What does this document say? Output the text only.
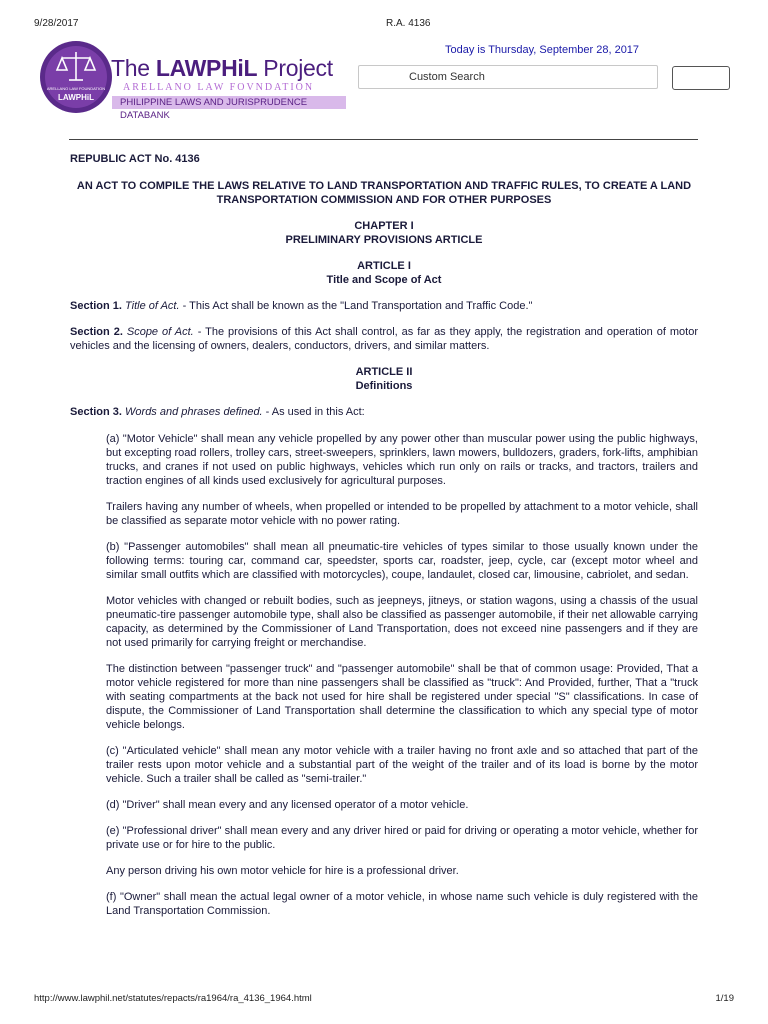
9/28/2017	R.A. 4136
ARELLANO LAW FOUNDATION
LAWPHiL
The LAWPHiL Project
ARELLANO LAW FOVNDATION
PHILIPPINE LAWS AND JURISPRUDENCE DATABANK
Today is Thursday, September 28, 2017
Custom Search
REPUBLIC ACT No. 4136
AN ACT TO COMPILE THE LAWS RELATIVE TO LAND TRANSPORTATION AND TRAFFIC RULES, TO CREATE A LAND TRANSPORTATION COMMISSION AND FOR OTHER PURPOSES
CHAPTER I
PRELIMINARY PROVISIONS ARTICLE
ARTICLE I
Title and Scope of Act

Section 1. Title of Act. - This Act shall be known as the "Land Transportation and Traffic Code."

Section 2. Scope of Act. - The provisions of this Act shall control, as far as they apply, the registration and operation of motor vehicles and the licensing of owners, dealers, conductors, drivers, and similar matters.

ARTICLE II
Definitions

Section 3. Words and phrases defined. - As used in this Act:

(a) "Motor Vehicle" shall mean any vehicle propelled by any power other than muscular power using the public highways, but excepting road rollers, trolley cars, street-sweepers, sprinklers, lawn mowers, bulldozers, graders, fork-lifts, amphibian trucks, and cranes if not used on public highways, vehicles which run only on rails or tracks, and tractors, trailers and traction engines of all kinds used exclusively for agricultural purposes.

Trailers having any number of wheels, when propelled or intended to be propelled by attachment to a motor vehicle, shall be classified as separate motor vehicle with no power rating.

(b) "Passenger automobiles" shall mean all pneumatic-tire vehicles of types similar to those usually known under the following terms: touring car, command car, speedster, sports car, roadster, jeep, cycle, car (except motor wheel and similar small outfits which are classified with motorcycles), coupe, landaulet, closed car, limousine, cabriolet, and sedan.

Motor vehicles with changed or rebuilt bodies, such as jeepneys, jitneys, or station wagons, using a chassis of the usual pneumatic-tire passenger automobile type, shall also be classified as passenger automobile, if their net allowable carrying capacity, as determined by the Commissioner of Land Transportation, does not exceed nine passengers and if they are not used primarily for carrying freight or merchandise.

The distinction between "passenger truck" and "passenger automobile" shall be that of common usage: Provided, That a motor vehicle registered for more than nine passengers shall be classified as "truck": And Provided, further, That a "truck with seating compartments at the back not used for hire shall be registered under special "S" classifications. In case of dispute, the Commissioner of Land Transportation shall determine the classification to which any special type of motor vehicle belongs.

(c) "Articulated vehicle" shall mean any motor vehicle with a trailer having no front axle and so attached that part of the trailer rests upon motor vehicle and a substantial part of the weight of the trailer and of its load is borne by the motor vehicle. Such a trailer shall be called as "semi-trailer."

(d) "Driver" shall mean every and any licensed operator of a motor vehicle.

(e) "Professional driver" shall mean every and any driver hired or paid for driving or operating a motor vehicle, whether for private use or for hire to the public.

Any person driving his own motor vehicle for hire is a professional driver.

(f) "Owner" shall mean the actual legal owner of a motor vehicle, in whose name such vehicle is duly registered with the Land Transportation Commission.

http://www.lawphil.net/statutes/repacts/ra1964/ra_4136_1964.html	1/19
